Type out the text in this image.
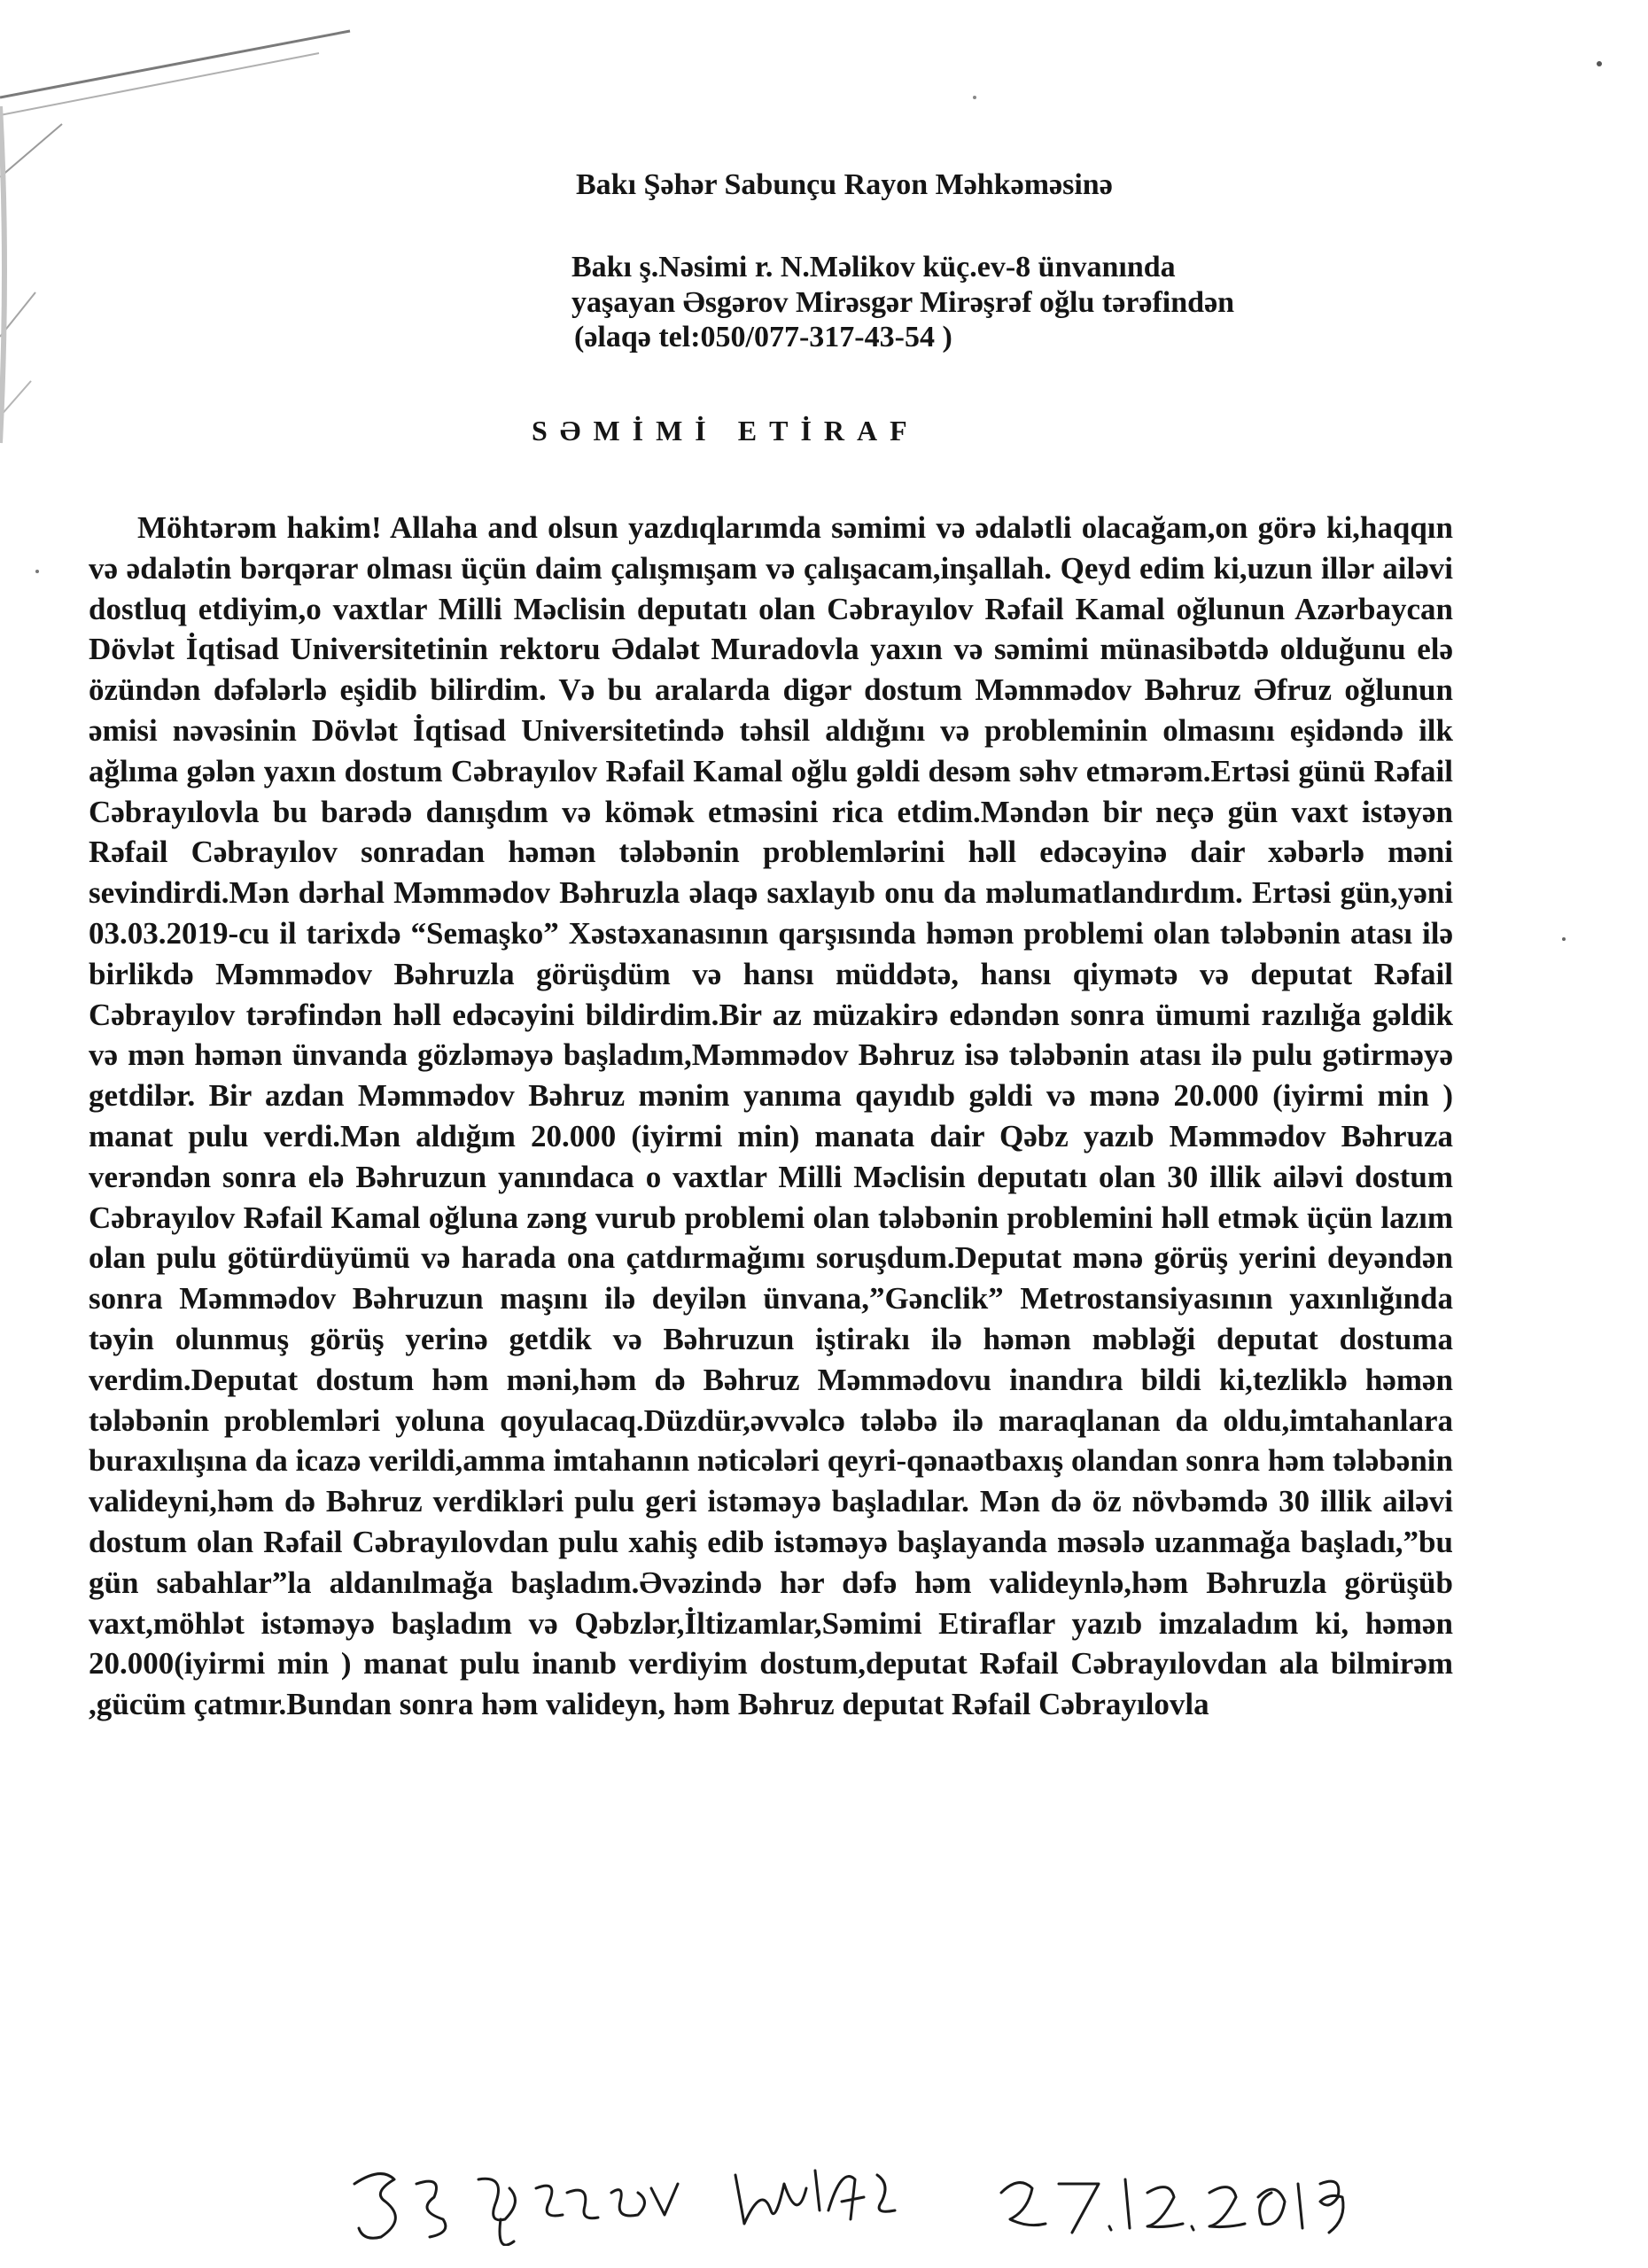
Bakı Şəhər Sabunçu Rayon Məhkəməsinə
Bakı ş.Nəsimi r. N.Məlikov küç.ev-8 ünvanında
yaşayan Əsgərov Mirəsgər Mirəşrəf oğlu tərəfindən
(əlaqə tel:050/077-317-43-54 )
SƏMİMİ ETİRAF

Möhtərəm hakim! Allaha and olsun yazdıqlarımda səmimi və ədalətli olacağam,on görə ki,haqqın və ədalətin bərqərar olması üçün daim çalışmışam və çalışacam,inşallah. Qeyd edim ki,uzun illər ailəvi dostluq etdiyim,o vaxtlar Milli Məclisin deputatı olan Cəbrayılov Rəfail Kamal oğlunun Azərbaycan Dövlət İqtisad Universitetinin rektoru Ədalət Muradovla yaxın və səmimi münasibətdə olduğunu elə özündən dəfələrlə eşidib bilirdim. Və bu aralarda digər dostum Məmmədov Bəhruz Əfruz oğlunun əmisi nəvəsinin Dövlət İqtisad Universitetində təhsil aldığını və probleminin olmasını eşidəndə ilk ağlıma gələn yaxın dostum Cəbrayılov Rəfail Kamal oğlu gəldi desəm səhv etmərəm.Ertəsi günü Rəfail Cəbrayılovla bu barədə danışdım və kömək etməsini rica etdim.Məndən bir neçə gün vaxt istəyən Rəfail Cəbrayılov sonradan həmən tələbənin problemlərini həll edəcəyinə dair xəbərlə məni sevindirdi.Mən dərhal Məmmədov Bəhruzla əlaqə saxlayıb onu da məlumatlandırdım. Ertəsi gün,yəni 03.03.2019-cu il tarixdə “Semaşko” Xəstəxanasının qarşısında həmən problemi olan tələbənin atası ilə birlikdə Məmmədov Bəhruzla görüşdüm və hansı müddətə, hansı qiymətə və deputat Rəfail Cəbrayılov tərəfindən həll edəcəyini bildirdim.Bir az müzakirə edəndən sonra ümumi razılığa gəldik və mən həmən ünvanda gözləməyə başladım,Məmmədov Bəhruz isə tələbənin atası ilə pulu gətirməyə getdilər. Bir azdan Məmmədov Bəhruz mənim yanıma qayıdıb gəldi və mənə 20.000 (iyirmi min ) manat pulu verdi.Mən aldığım 20.000 (iyirmi min) manata dair Qəbz yazıb Məmmədov Bəhruza verəndən sonra elə Bəhruzun yanındaca o vaxtlar Milli Məclisin deputatı olan 30 illik ailəvi dostum Cəbrayılov Rəfail Kamal oğluna zəng vurub problemi olan tələbənin problemini həll etmək üçün lazım olan pulu götürdüyümü və harada ona çatdırmağımı soruşdum.Deputat mənə görüş yerini deyəndən sonra Məmmədov Bəhruzun maşını ilə deyilən ünvana,”Gənclik” Metrostansiyasının yaxınlığında təyin olunmuş görüş yerinə getdik və Bəhruzun iştirakı ilə həmən məbləği deputat dostuma verdim.Deputat dostum həm məni,həm də Bəhruz Məmmədovu inandıra bildi ki,tezliklə həmən tələbənin problemləri yoluna qoyulacaq.Düzdür,əvvəlcə tələbə ilə maraqlanan da oldu,imtahanlara buraxılışına da icazə verildi,amma imtahanın nəticələri qeyri-qənaətbaxış olandan sonra həm tələbənin valideyni,həm də Bəhruz verdikləri pulu geri istəməyə başladılar. Mən də öz növbəmdə 30 illik ailəvi dostum olan Rəfail Cəbrayılovdan pulu xahiş edib istəməyə başlayanda məsələ uzanmağa başladı,”bu gün sabahlar”la aldanılmağa başladım.Əvəzində hər dəfə həm valideynlə,həm Bəhruzla görüşüb vaxt,möhlət istəməyə başladım və Qəbzlər,İltizamlar,Səmimi Etiraflar yazıb imzaladım ki, həmən 20.000(iyirmi min ) manat pulu inanıb verdiyim dostum,deputat Rəfail Cəbrayılovdan ala bilmirəm ,gücüm çatmır.Bundan sonra həm valideyn, həm Bəhruz deputat Rəfail Cəbrayılovla
